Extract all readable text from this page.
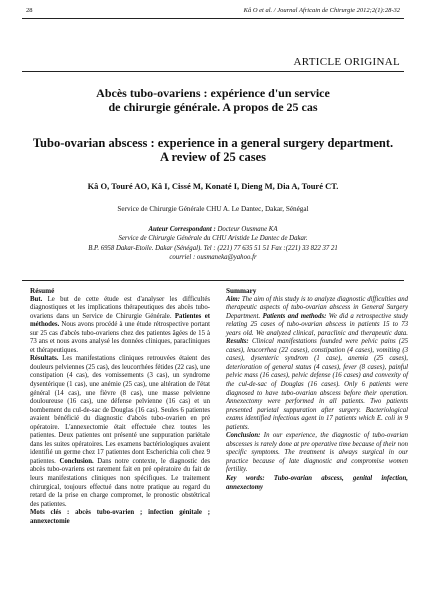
28	Kâ O et al. / Journal Africain de Chirurgie 2012;2(1):28-32
ARTICLE ORIGINAL
Abcès tubo-ovariens : expérience d'un service
de chirurgie générale. A propos de 25 cas
Tubo-ovarian abscess : experience in a general surgery department.
A review of 25 cases
Kâ O, Touré AO, Kâ I, Cissé M, Konaté I, Dieng M, Dia A, Touré CT.
Service de Chirurgie Générale CHU A. Le Dantec, Dakar, Sénégal
Auteur Correspondant : Docteur Ousmane KA
Service de Chirurgie Générale du CHU Aristide Le Dantec de Dakar.
B.P. 6958 Dakar-Etoile. Dakar (Sénégal). Tel : (221) 77 635 51 51 Fax :(221) 33 822 37 21
courriel : ousmaneka@yahoo.fr
Résumé

But. Le but de cette étude est d'analyser les difficultés diagnostiques et les implications thérapeutiques des abcès tubo-ovariens dans un Service de Chirurgie Générale. Patientes et méthodes. Nous avons procédé à une étude rétrospective portant sur 25 cas d'abcès tubo-ovariens chez des patientes âgées de 15 à 73 ans et nous avons analysé les données cliniques, paracliniques et thérapeutiques.
Résultats. Les manifestations cliniques retrouvées étaient des douleurs pelviennes (25 cas), des leucorrhées fétides (22 cas), une constipation (4 cas), des vomissements (3 cas), un syndrome dysentérique (1 cas), une anémie (25 cas), une altération de l'état général (14 cas), une fièvre (8 cas), une masse pelvienne douloureuse (16 cas), une défense pelvienne (16 cas) et un bombement du cul-de-sac de Douglas (16 cas). Seules 6 patientes avaient bénéficié du diagnostic d'abcès tubo-ovarien en pré opératoire. L'annexectomie était effectuée chez toutes les patientes. Deux patientes ont présenté une suppuration pariétale dans les suites opératoires. Les examens bactériologiques avaient identifié un germe chez 17 patientes dont Escherichia coli chez 9 patientes. Conclusion. Dans notre contexte, le diagnostic des abcès tubo-ovariens est rarement fait en pré opératoire du fait de leurs manifestations cliniques non spécifiques. Le traitement chirurgical, toujours effectué dans notre pratique au regard du retard de la prise en charge compromet, le pronostic obstétrical des patientes.

Mots clés : abcès tubo-ovarien ; infection génitale ; annexectomie
Summary

Aim: The aim of this study is to analyze diagnostic difficulties and therapeutic aspects of tubo-ovarian abscess in General Surgery Department. Patients and methods: We did a retrospective study relating 25 cases of tubo-ovarian abscess in patients 15 to 73 years old. We analyzed clinical, paraclinic and therapeutic data. Results: Clinical manifestations founded were pelvic pains (25 cases), leucorrhea (22 cases), constipation (4 cases), vomiting (3 cases), dysenteric syndrom (1 case), anemia (25 cases), deterioration of general status (4 cases), fever (8 cases), painful pelvic mass (16 cases), pelvic defense (16 cases) and convexity of the cul-de-sac of Douglas (16 cases). Only 6 patients were diagnosed to have tubo-ovarian abscess before their operation. Annexectomy were performed in all patients. Two patients presented parietal suppuration after surgery. Bacteriological exams identified infectious agent in 17 patients which E. coli in 9 patients.
Conclusion: In our experience, the diagnostic of tubo-ovarian abscesses is rarely done at pre operative time because of their non specific symptoms. The treatment is always surgical in our practice because of late diagnostic and compromise women fertility.

Key words: Tubo-ovarian abscess, genital infection, annexectomy
